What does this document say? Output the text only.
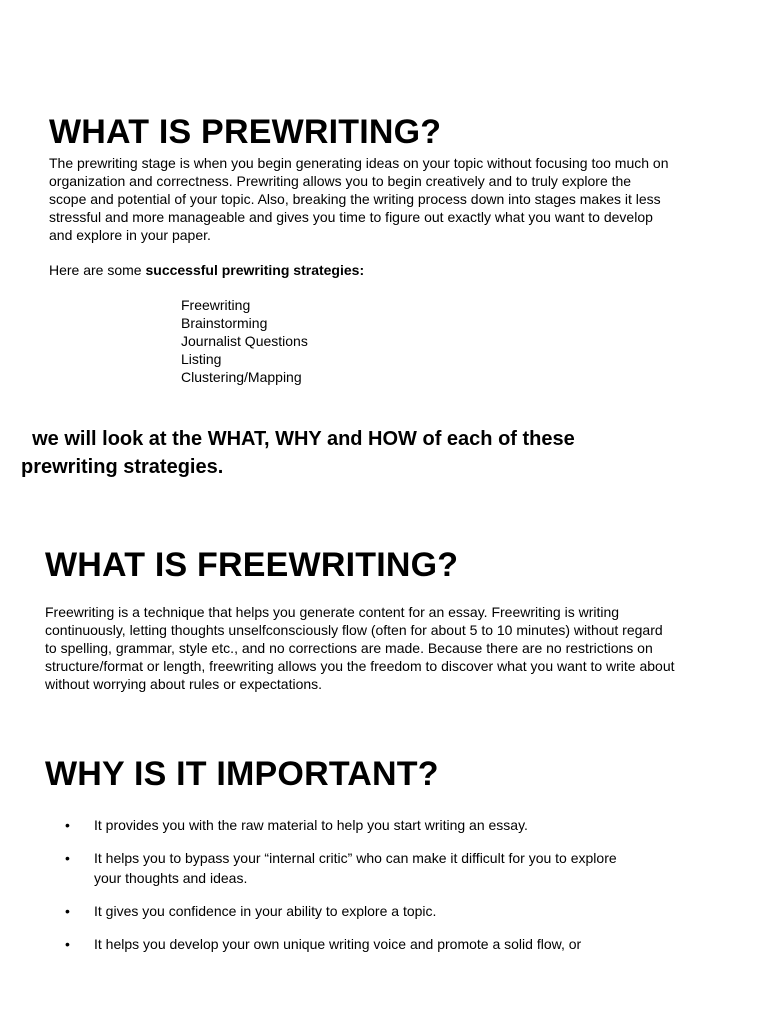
WHAT IS PREWRITING?
The prewriting stage is when you begin generating ideas on your topic without focusing too much on
organization and correctness. Prewriting allows you to begin creatively and to truly explore the
scope and potential of your topic. Also, breaking the writing process down into stages makes it less
stressful and more manageable and gives you time to figure out exactly what you want to develop
and explore in your paper.

Here are some successful prewriting strategies:

Freewriting
Brainstorming
Journalist Questions
Listing
Clustering/Mapping
we will look at the WHAT, WHY and HOW of each of these
prewriting strategies.
WHAT IS FREEWRITING?
Freewriting is a technique that helps you generate content for an essay. Freewriting is writing
continuously, letting thoughts unselfconsciously flow (often for about 5 to 10 minutes) without regard
to spelling, grammar, style etc., and no corrections are made. Because there are no restrictions on
structure/format or length, freewriting allows you the freedom to discover what you want to write about
without worrying about rules or expectations.
WHY IS IT IMPORTANT?
• It provides you with the raw material to help you start writing an essay.
• It helps you to bypass your “internal critic” who can make it difficult for you to explore
your thoughts and ideas.
• It gives you confidence in your ability to explore a topic.
• It helps you develop your own unique writing voice and promote a solid flow, or
